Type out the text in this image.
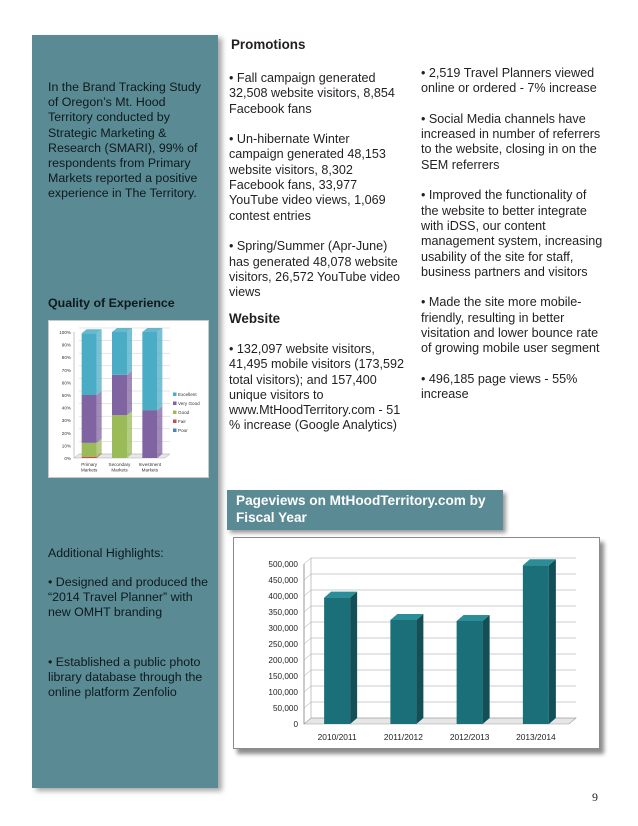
In the Brand Tracking Study of Oregon’s Mt. Hood Territory conducted by Strategic Marketing & Research (SMARI), 99% of respondents from Primary Markets reported a positive experience in The Territory.
Quality of Experience
0%
10%
20%
30%
40%
50%
60%
70%
80%
90%
100%
Primary
Markets
Secondary
Markets
Investment
Markets
Excellent
Very Good
Good
Fair
Poor
Additional Highlights:
• Designed and produced the “2014 Travel Planner” with new OMHT branding
• Established a public photo library database through the online platform Zenfolio
Promotions

• Fall campaign generated 32,508 website visitors, 8,854 Facebook fans

• Un-hibernate Winter campaign generated 48,153 website visitors, 8,302 Facebook fans, 33,977 YouTube video views, 1,069 contest entries

• Spring/Summer (Apr-June) has generated 48,078 website visitors, 26,572 YouTube video views

Website

• 132,097 website visitors, 41,495 mobile visitors (173,592 total visitors); and 157,400 unique visitors to www.MtHoodTerritory.com - 51 % increase (Google Analytics)

• 2,519 Travel Planners viewed online or ordered - 7% increase

• Social Media channels have increased in number of referrers to the website, closing in on the SEM referrers

• Improved the functionality of the website to better integrate with iDSS, our content management system, increasing usability of the site for staff, business partners and visitors

• Made the site more mobile-friendly, resulting in better visitation and lower bounce rate of growing mobile user segment

• 496,185 page views - 55% increase

Pageviews on MtHoodTerritory.com by Fiscal Year
0
50,000
100,000
150,000
200,000
250,000
300,000
350,000
400,000
450,000
500,000
2010/2011	2011/2012	2012/2013	2013/2014
9
